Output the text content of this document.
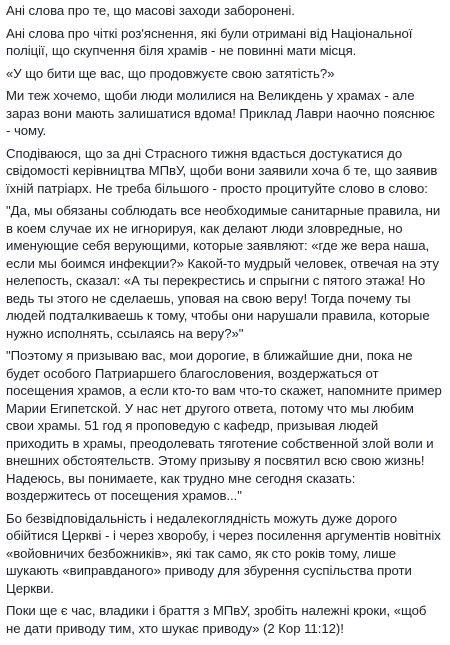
Ані слова про те, що масові заходи заборонені.

Ані слова про чіткі роз'яснення, які були отримані від Національної поліції, що скупчення біля храмів - не повинні мати місця.

«У що бити ще вас, що продовжуєте свою затятість?»

Ми теж хочемо, щоби люди молилися на Великдень у храмах - але зараз вони мають залишатися вдома! Приклад Лаври наочно пояснює - чому.

Сподіваюся, що за дні Страсного тижня вдасться достукатися до свідомості керівництва МПвУ, щоби вони заявили хоча б те, що заявив їхній патріарх. Не треба більшого - просто процитуйте слово в слово:

"Да, мы обязаны соблюдать все необходимые санитарные правила, ни в коем случае их не игнорируя, как делают люди зловредные, но именующие себя верующими, которые заявляют: «где же вера наша, если мы боимся инфекции?» Какой-то мудрый человек, отвечая на эту нелепость, сказал: «А ты перекрестись и спрыгни с пятого этажа! Но ведь ты этого не сделаешь, уповая на свою веру! Тогда почему ты людей подталкиваешь к тому, чтобы они нарушали правила, которые нужно исполнять, ссылаясь на веру?»"

"Поэтому я призываю вас, мои дорогие, в ближайшие дни, пока не будет особого Патриаршего благословения, воздержаться от посещения храмов, а если кто-то вам что-то скажет, напомните пример Марии Египетской. У нас нет другого ответа, потому что мы любим свои храмы. 51 год я проповедую с кафедр, призывая людей приходить в храмы, преодолевать тяготение собственной злой воли и внешних обстоятельств. Этому призыву я посвятил всю свою жизнь! Надеюсь, вы понимаете, как трудно мне сегодня сказать: воздержитесь от посещения храмов..."

Бо безвідповідальність і недалекоглядність можуть дуже дорого обійтися Церкві - і через хворобу, і через посилення аргументів новітніх «войовничих безбожників», які так само, як сто років тому, лише шукають «виправданого» приводу для збурення суспільства проти Церкви.

Поки ще є час, владики і браття з МПвУ, зробіть належні кроки, «щоб не дати приводу тим, хто шукає приводу» (2 Кор 11:12)!
